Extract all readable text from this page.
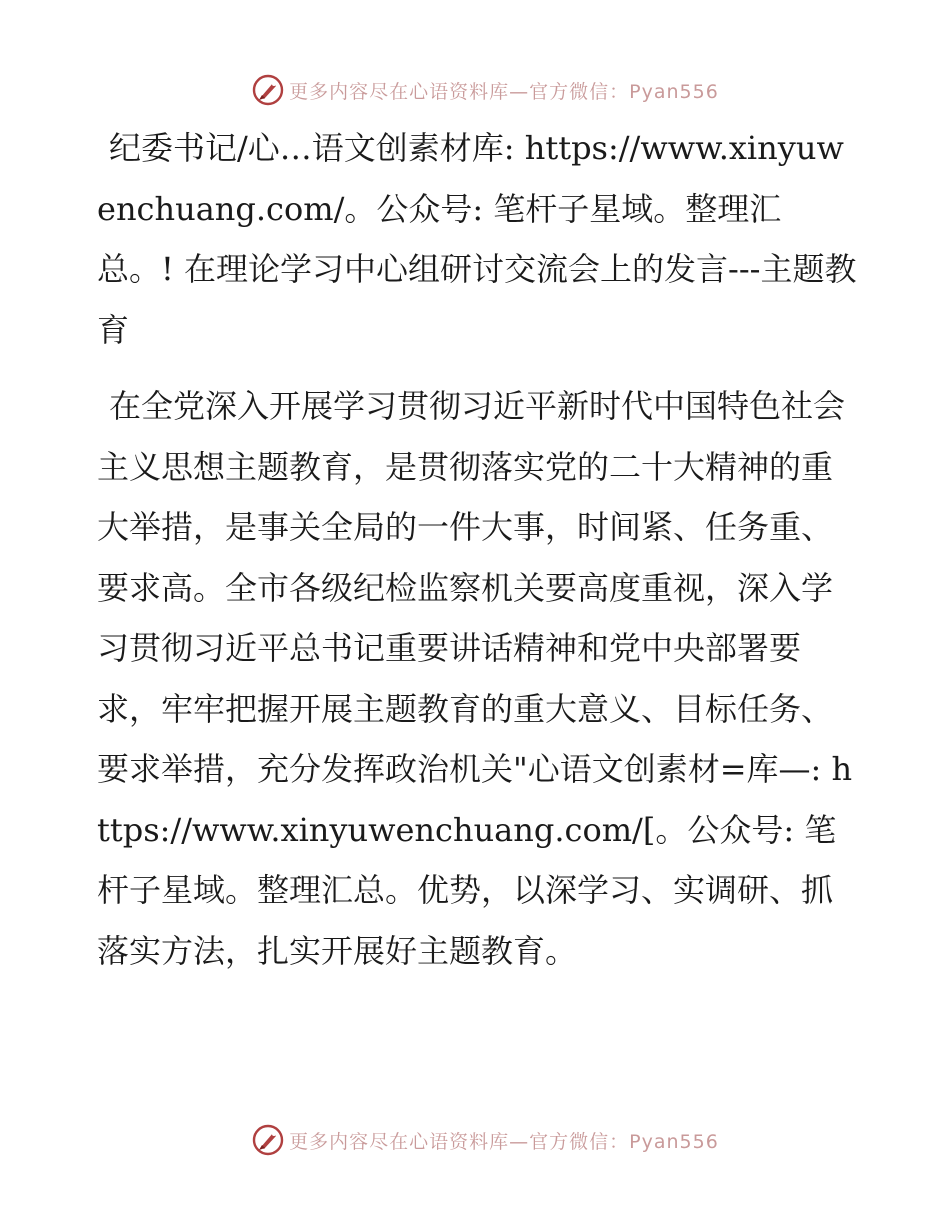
更多内容尽在心语资料库—官方微信：Pyan556

纪委书记/心…语文创素材库: https://www.xinyuwenchuang.com/。公众号: 笔杆子星域。整理汇总。! 在理论学习中心组研讨交流会上的发言---主题教育

在全党深入开展学习贯彻习近平新时代中国特色社会主义思想主题教育，是贯彻落实党的二十大精神的重大举措，是事关全局的一件大事，时间紧、任务重、要求高。全市各级纪检监察机关要高度重视，深入学习贯彻习近平总书记重要讲话精神和党中央部署要求，牢牢把握开展主题教育的重大意义、目标任务、要求举措，充分发挥政治机关"心语文创素材=库—: https://www.xinyuwenchuang.com/[。公众号: 笔杆子星域。整理汇总。优势，以深学习、实调研、抓落实方法，扎实开展好主题教育。

更多内容尽在心语资料库—官方微信：Pyan556
